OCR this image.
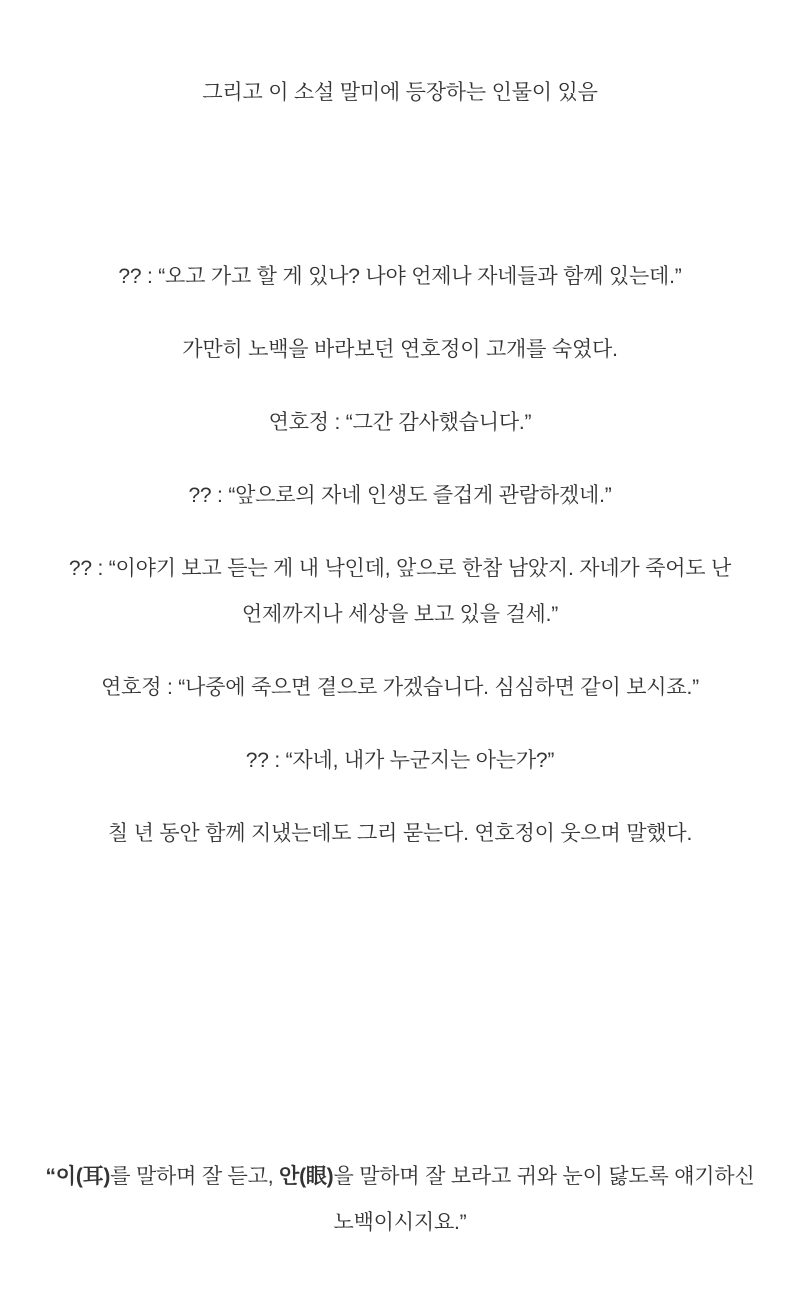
그리고 이 소설 말미에 등장하는 인물이 있음

?? : “오고 가고 할 게 있나? 나야 언제나 자네들과 함께 있는데.”

가만히 노백을 바라보던 연호정이 고개를 숙였다.

연호정 : “그간 감사했습니다.”

?? : “앞으로의 자네 인생도 즐겁게 관람하겠네.”

?? : “이야기 보고 듣는 게 내 낙인데, 앞으로 한참 남았지. 자네가 죽어도 난 언제까지나 세상을 보고 있을 걸세.”

연호정 : “나중에 죽으면 곁으로 가겠습니다. 심심하면 같이 보시죠.”

?? : “자네, 내가 누군지는 아는가?”

칠 년 동안 함께 지냈는데도 그리 묻는다. 연호정이 웃으며 말했다.

“이(耳)를 말하며 잘 듣고, 안(眼)을 말하며 잘 보라고 귀와 눈이 닳도록 얘기하신 노백이시지요.”
